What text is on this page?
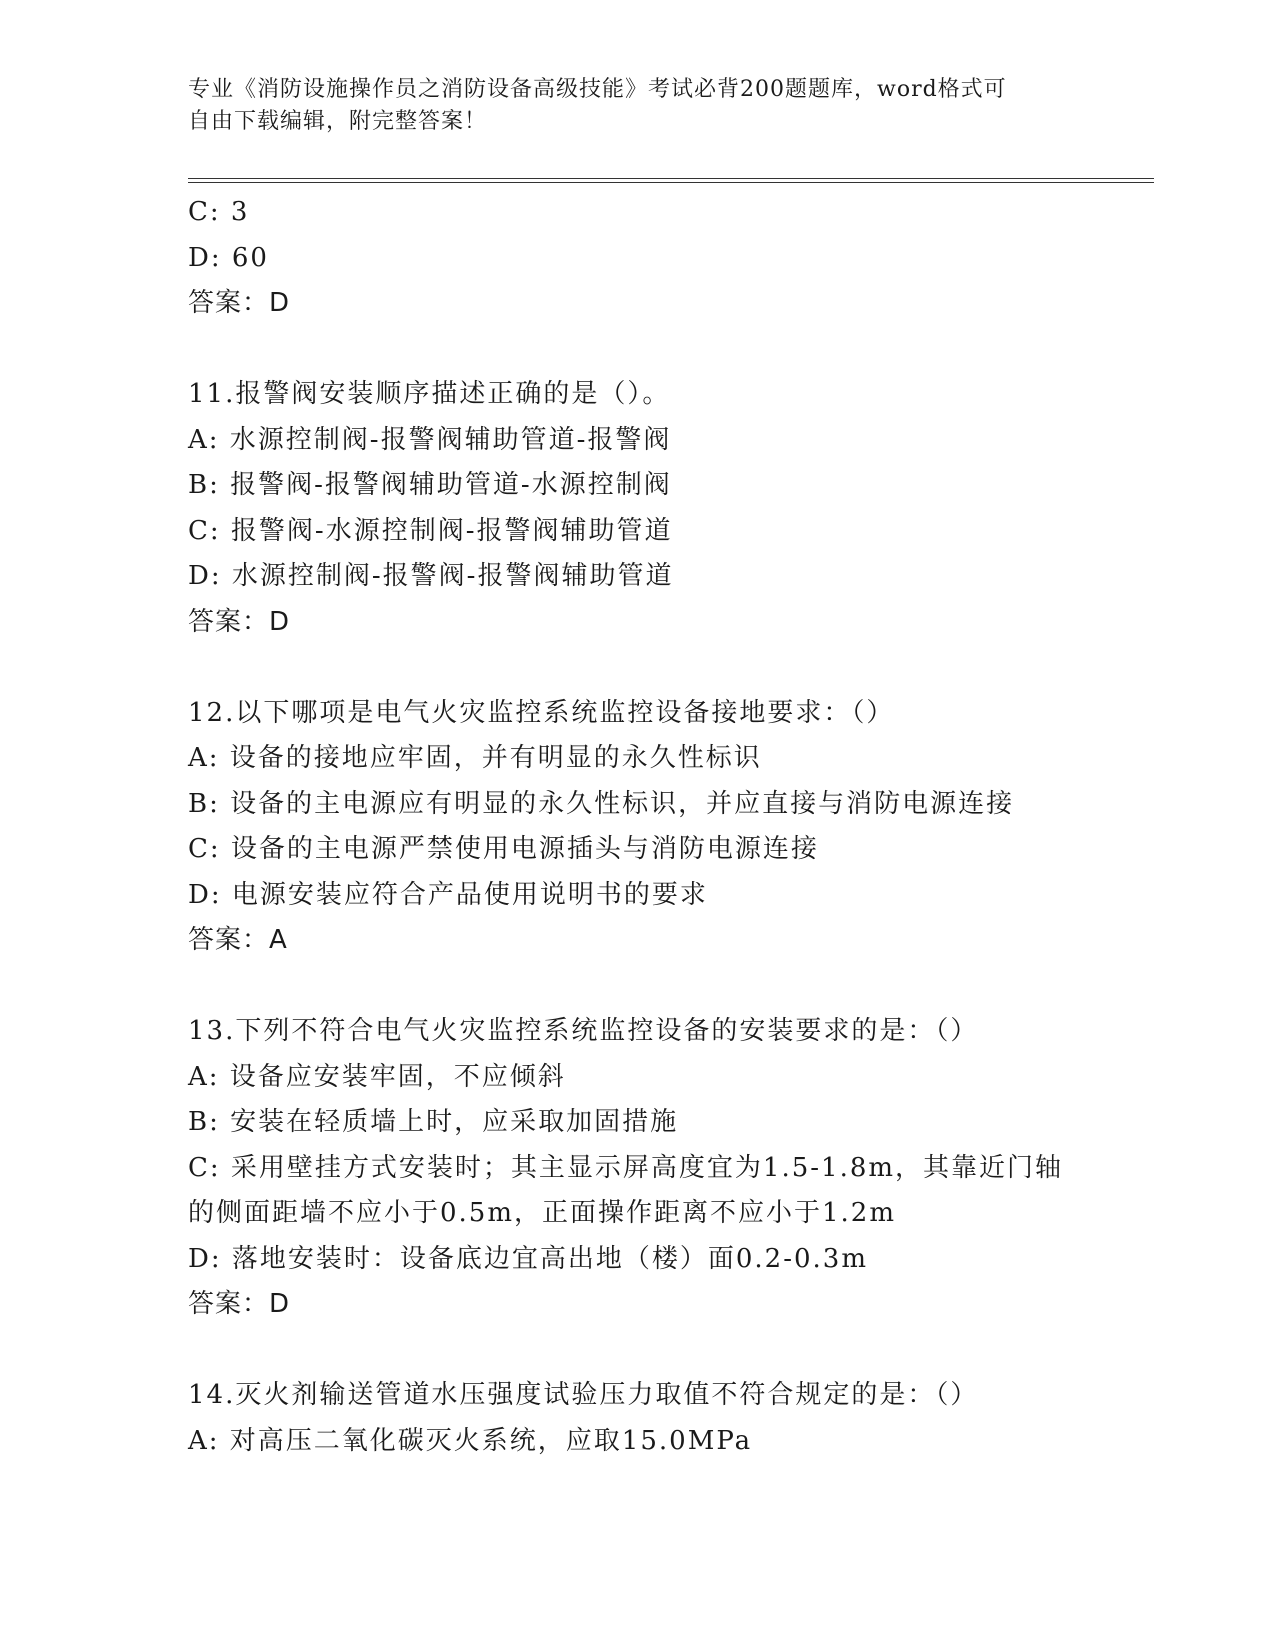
专业《消防设施操作员之消防设备高级技能》考试必背200题题库，word格式可
自由下载编辑，附完整答案！
C: 3
D: 60
答案：D
11.报警阀安装顺序描述正确的是（）。
A: 水源控制阀-报警阀辅助管道-报警阀
B: 报警阀-报警阀辅助管道-水源控制阀
C: 报警阀-水源控制阀-报警阀辅助管道
D: 水源控制阀-报警阀-报警阀辅助管道
答案：D
12.以下哪项是电气火灾监控系统监控设备接地要求：（）
A: 设备的接地应牢固，并有明显的永久性标识
B: 设备的主电源应有明显的永久性标识，并应直接与消防电源连接
C: 设备的主电源严禁使用电源插头与消防电源连接
D: 电源安装应符合产品使用说明书的要求
答案：A
13.下列不符合电气火灾监控系统监控设备的安装要求的是：（）
A: 设备应安装牢固，不应倾斜
B: 安装在轻质墙上时，应采取加固措施
C: 采用壁挂方式安装时；其主显示屏高度宜为1.5-1.8m，其靠近门轴
的侧面距墙不应小于0.5m，正面操作距离不应小于1.2m
D: 落地安装时：设备底边宜高出地（楼）面0.2-0.3m
答案：D
14.灭火剂输送管道水压强度试验压力取值不符合规定的是：（）
A: 对高压二氧化碳灭火系统，应取15.0MPa
